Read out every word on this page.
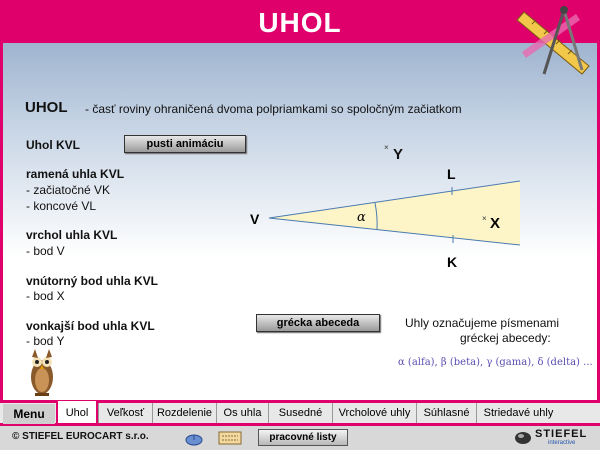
UHOL
UHOL - časť roviny ohraničená dvoma polpriamkami so spoločným začiatkom
Uhol KVL	pusti animáciu
ramená uhla KVL
- začiatočné VK
- koncové VL
vrchol uhla KVL
- bod V
vnútorný bod uhla KVL
- bod X
vonkajší bod uhla KVL
- bod Y
V
L
K
α	× X
× Y
grécka abeceda	Uhly označujeme písmenami
gréckej abecedy:
α (alfa), β (beta), γ (gama), δ (delta) ...
Menu	Uhol	Veľkosť	Rozdelenie	Os uhla	Susedné	Vrcholové uhly	Súhlasné	Striedavé uhly
© STIEFEL EUROCART s.r.o.	pracovné listy	STIEFEL
interactive
